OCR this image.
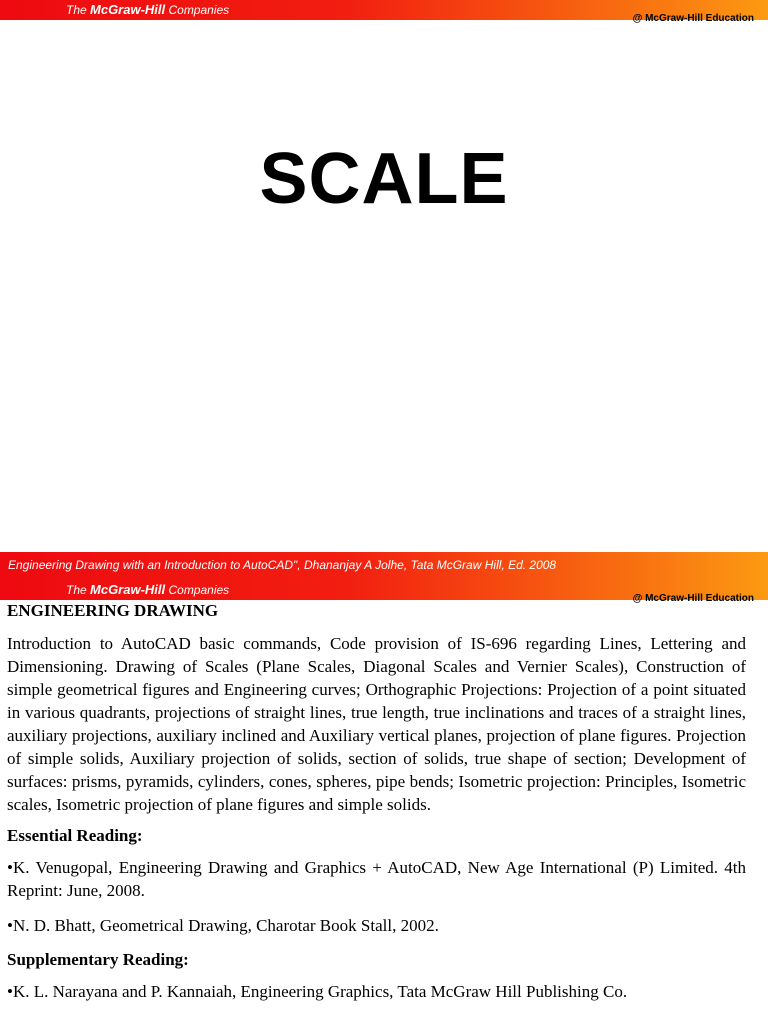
The McGraw-Hill Companies
@ McGraw-Hill Education
SCALE
Engineering Drawing with an Introduction to AutoCAD", Dhananjay A Jolhe, Tata McGraw Hill, Ed. 2008
The McGraw-Hill Companies
@ McGraw-Hill Education
ENGINEERING DRAWING
Introduction to AutoCAD basic commands, Code provision of IS-696 regarding Lines, Lettering and Dimensioning. Drawing of Scales (Plane Scales, Diagonal Scales and Vernier Scales), Construction of simple geometrical figures and Engineering curves; Orthographic Projections: Projection of a point situated in various quadrants, projections of straight lines, true length, true inclinations and traces of a straight lines, auxiliary projections, auxiliary inclined and Auxiliary vertical planes, projection of plane figures. Projection of simple solids, Auxiliary projection of solids, section of solids, true shape of section; Development of surfaces: prisms, pyramids, cylinders, cones, spheres, pipe bends; Isometric projection: Principles, Isometric scales, Isometric projection of plane figures and simple solids.
Essential Reading:
•K. Venugopal, Engineering Drawing and Graphics + AutoCAD, New Age International (P) Limited. 4th Reprint: June, 2008.
•N. D. Bhatt, Geometrical Drawing, Charotar Book Stall, 2002.
Supplementary Reading:
•K. L. Narayana and P. Kannaiah, Engineering Graphics, Tata McGraw Hill Publishing Co.
